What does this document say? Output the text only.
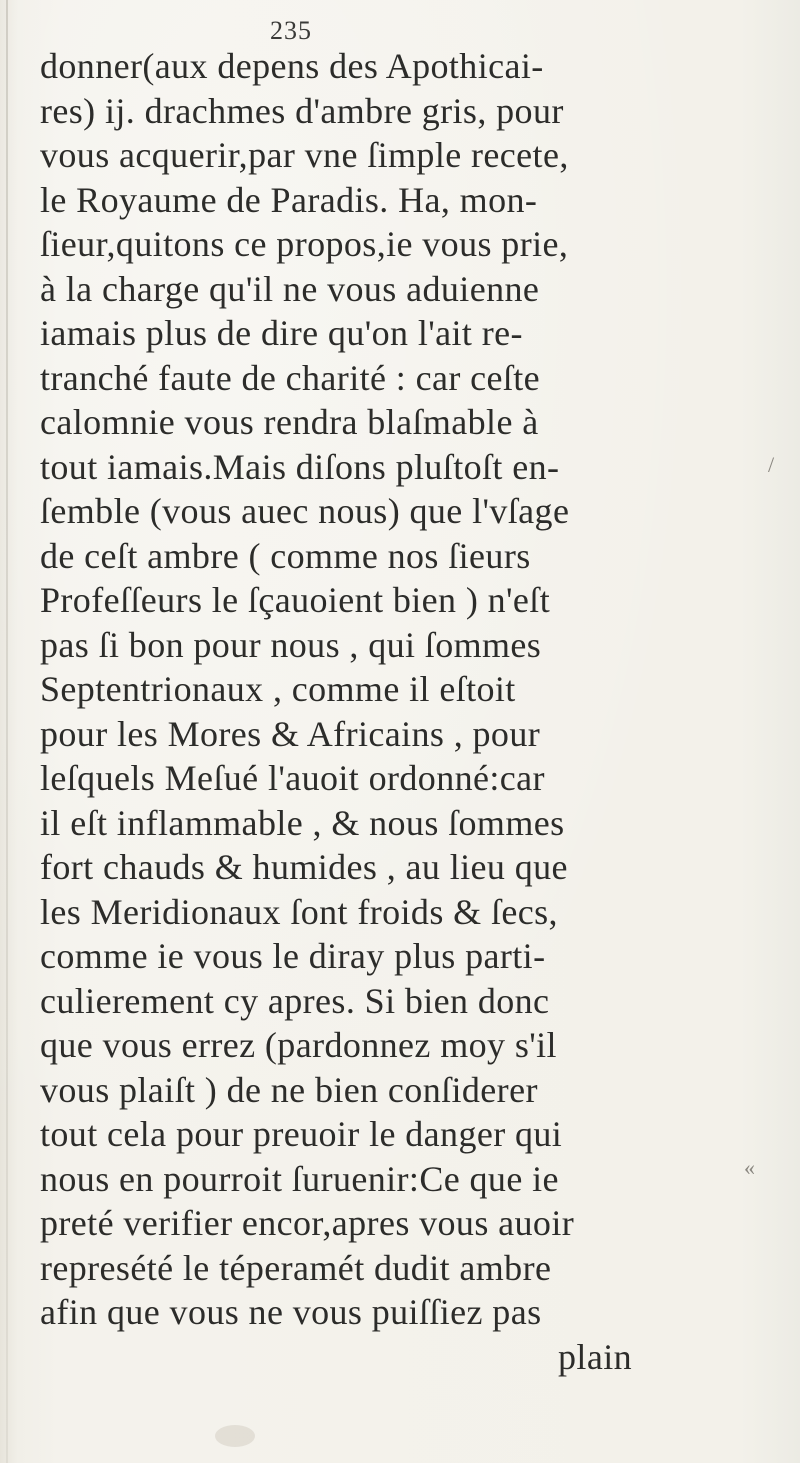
235
donner(aux depens des Apothicai-
res) ij. drachmes d'ambre gris, pour
vous acquerir,par vne ſimple recete,
le Royaume de Paradis. Ha, mon-
ſieur,quitons ce propos,ie vous prie,
à la charge qu'il ne vous aduienne
iamais plus de dire qu'on l'ait re-
tranché faute de charité : car ceſte
calomnie vous rendra blaſmable à
tout iamais.Mais diſons pluſtoſt en-
ſemble (vous auec nous) que l'vſage
de ceſt ambre ( comme nos ſieurs
Profeſſeurs le ſçauoient bien ) n'eſt
pas ſi bon pour nous , qui ſommes
Septentrionaux , comme il eſtoit
pour les Mores & Africains , pour
leſquels Meſué l'auoit ordonné:car
il eſt inflammable , & nous ſommes
fort chauds & humides , au lieu que
les Meridionaux ſont froids & ſecs,
comme ie vous le diray plus parti-
culierement cy apres. Si bien donc
que vous errez (pardonnez moy s'il
vous plaiſt ) de ne bien conſiderer
tout cela pour preuoir le danger qui
nous en pourroit ſuruenir:Ce que ie
preté verifier encor,apres vous auoir
represété le téperamét dudit ambre
afin que vous ne vous puiſſiez pas
plain
/
«
